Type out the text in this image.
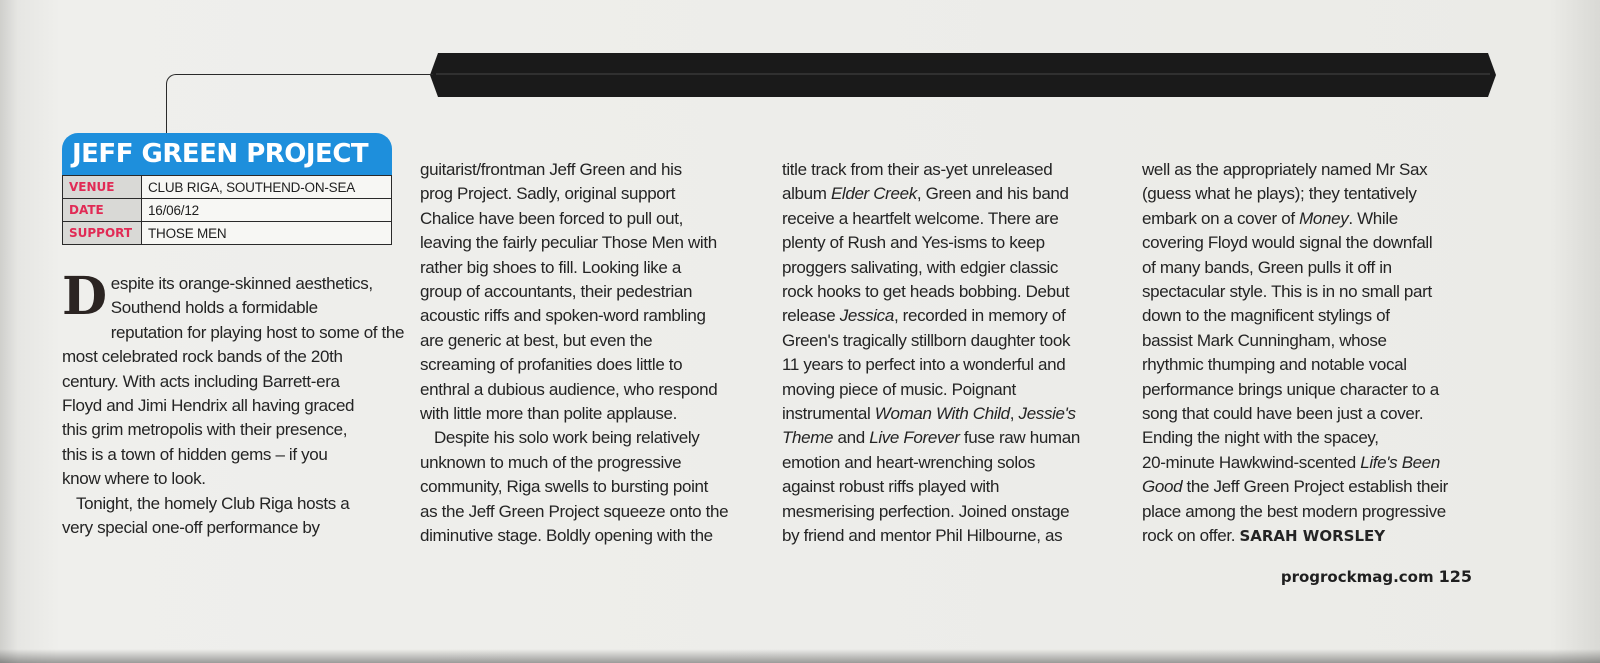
JEFF GREEN PROJECT
VENUE	CLUB RIGA, SOUTHEND-ON-SEA
DATE	16/06/12
SUPPORT	THOSE MEN
D espite its orange-skinned aesthetics,
Southend holds a formidable
reputation for playing host to some of the
most celebrated rock bands of the 20th
century. With acts including Barrett-era
Floyd and Jimi Hendrix all having graced
this grim metropolis with their presence,
this is a town of hidden gems – if you
know where to look.
Tonight, the homely Club Riga hosts a
very special one-off performance by
guitarist/frontman Jeff Green and his
prog Project. Sadly, original support
Chalice have been forced to pull out,
leaving the fairly peculiar Those Men with
rather big shoes to fill. Looking like a
group of accountants, their pedestrian
acoustic riffs and spoken-word rambling
are generic at best, but even the
screaming of profanities does little to
enthral a dubious audience, who respond
with little more than polite applause.
Despite his solo work being relatively
unknown to much of the progressive
community, Riga swells to bursting point
as the Jeff Green Project squeeze onto the
diminutive stage. Boldly opening with the
title track from their as-yet unreleased
album Elder Creek, Green and his band
receive a heartfelt welcome. There are
plenty of Rush and Yes-isms to keep
proggers salivating, with edgier classic
rock hooks to get heads bobbing. Debut
release Jessica, recorded in memory of
Green's tragically stillborn daughter took
11 years to perfect into a wonderful and
moving piece of music. Poignant
instrumental Woman With Child, Jessie's
Theme and Live Forever fuse raw human
emotion and heart-wrenching solos
against robust riffs played with
mesmerising perfection. Joined onstage
by friend and mentor Phil Hilbourne, as
well as the appropriately named Mr Sax
(guess what he plays); they tentatively
embark on a cover of Money. While
covering Floyd would signal the downfall
of many bands, Green pulls it off in
spectacular style. This is in no small part
down to the magnificent stylings of
bassist Mark Cunningham, whose
rhythmic thumping and notable vocal
performance brings unique character to a
song that could have been just a cover.
Ending the night with the spacey,
20-minute Hawkwind-scented Life's Been
Good the Jeff Green Project establish their
place among the best modern progressive
rock on offer. SARAH WORSLEY
progrockmag.com 125
